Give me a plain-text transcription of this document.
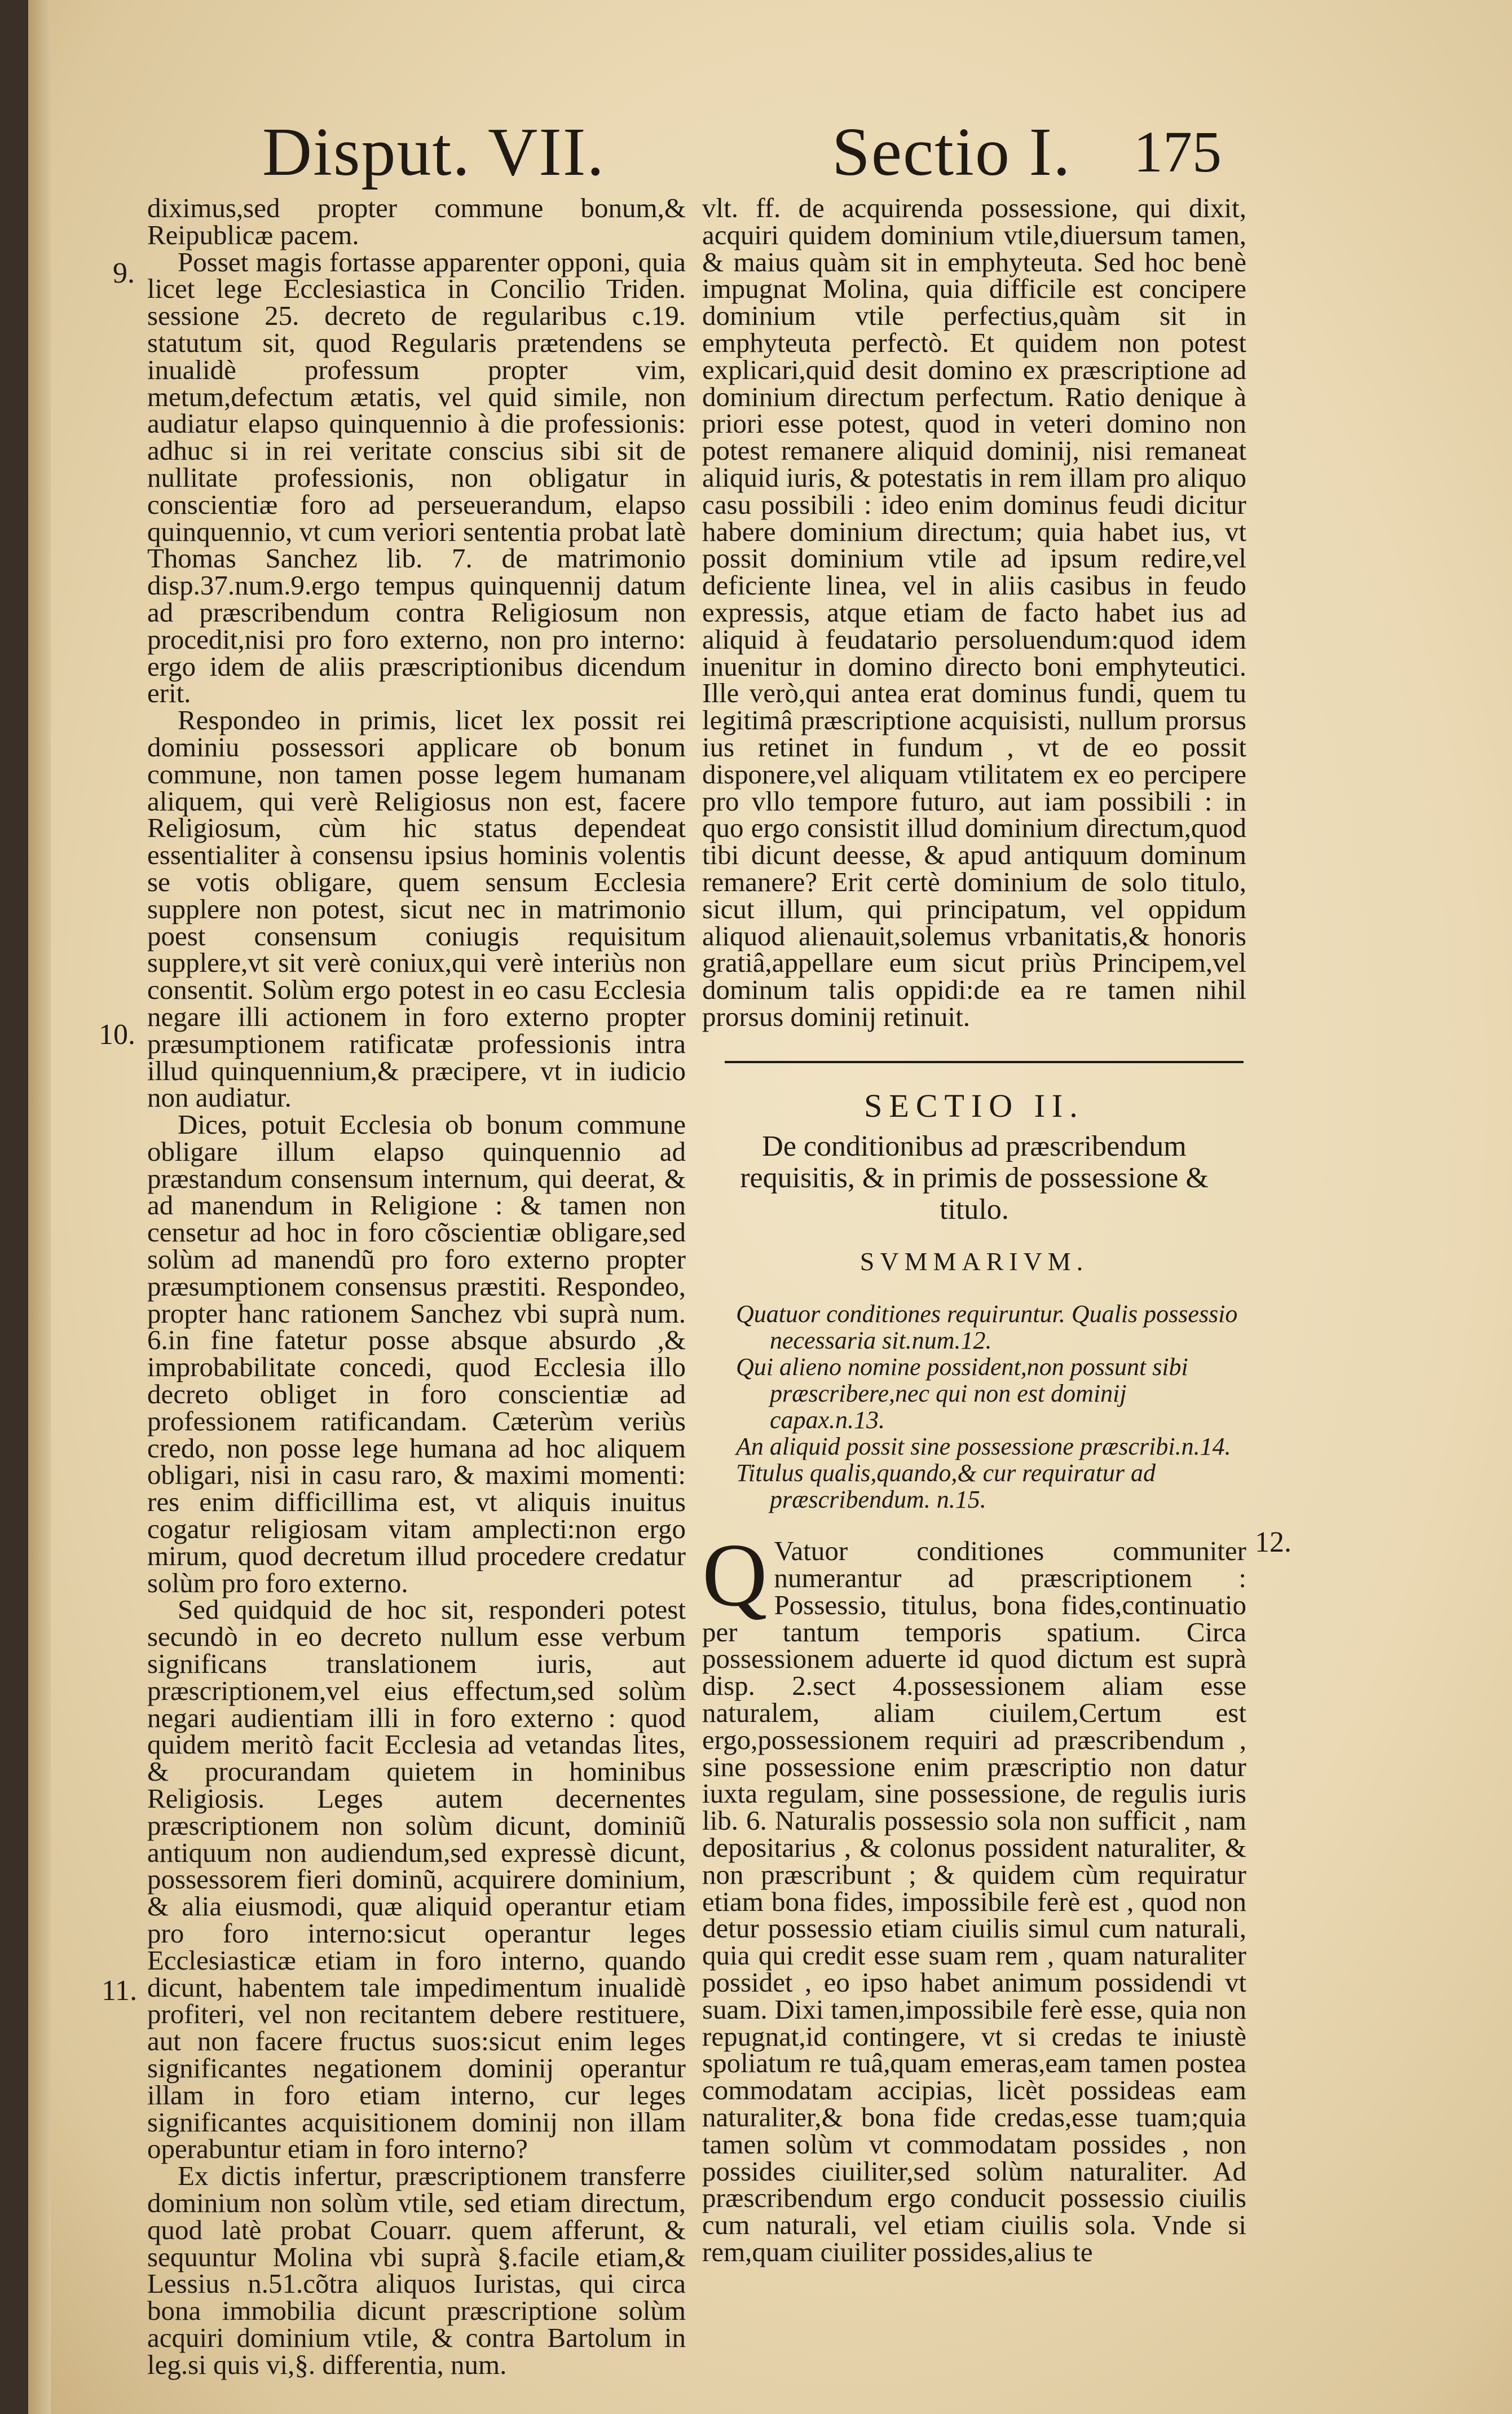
Disput. VII.	Sectio I. 175
9.
10.
11.
12.

diximus,sed propter commune bonum,& Reipublicæ pacem.

Posset magis fortasse apparenter opponi, quia licet lege Ecclesiastica in Concilio Triden. sessione 25. decreto de regularibus c.19. statutum sit, quod Regularis prætendens se inualidè professum propter vim, metum,defectum ætatis, vel quid simile, non audiatur elapso quinquennio à die professionis: adhuc si in rei veritate conscius sibi sit de nullitate professionis, non obligatur in conscientiæ foro ad perseuerandum, elapso quinquennio, vt cum veriori sententia probat latè Thomas Sanchez lib. 7. de matrimonio disp.37.num.9.ergo tempus quinquennij datum ad præscribendum contra Religiosum non procedit,nisi pro foro externo, non pro interno: ergo idem de aliis præscriptionibus dicendum erit.

Respondeo in primis, licet lex possit rei dominiu possessori applicare ob bonum commune, non tamen posse legem humanam aliquem, qui verè Religiosus non est, facere Religiosum, cùm hic status dependeat essentialiter à consensu ipsius hominis volentis se votis obligare, quem sensum Ecclesia supplere non potest, sicut nec in matrimonio poest consensum coniugis requisitum supplere,vt sit verè coniux,qui verè interiùs non consentit. Solùm ergo potest in eo casu Ecclesia negare illi actionem in foro externo propter præsumptionem ratificatæ professionis intra illud quinquennium,& præcipere, vt in iudicio non audiatur.

Dices, potuit Ecclesia ob bonum commune obligare illum elapso quinquennio ad præstandum consensum internum, qui deerat, & ad manendum in Religione : & tamen non censetur ad hoc in foro cõscientiæ obligare,sed solùm ad manendũ pro foro externo propter præsumptionem consensus præstiti. Respondeo, propter hanc rationem Sanchez vbi suprà num. 6.in fine fatetur posse absque absurdo ,& improbabilitate concedi, quod Ecclesia illo decreto obliget in foro conscientiæ ad professionem ratificandam. Cæterùm veriùs credo, non posse lege humana ad hoc aliquem obligari, nisi in casu raro, & maximi momenti: res enim difficillima est, vt aliquis inuitus cogatur religiosam vitam amplecti:non ergo mirum, quod decretum illud procedere credatur solùm pro foro externo.

Sed quidquid de hoc sit, responderi potest secundò in eo decreto nullum esse verbum significans translationem iuris, aut præscriptionem,vel eius effectum,sed solùm negari audientiam illi in foro externo : quod quidem meritò facit Ecclesia ad vetandas lites, & procurandam quietem in hominibus Religiosis. Leges autem decernentes præscriptionem non solùm dicunt, dominiũ antiquum non audiendum,sed expressè dicunt, possessorem fieri dominũ, acquirere dominium, & alia eiusmodi, quæ aliquid operantur etiam pro foro interno:sicut operantur leges Ecclesiasticæ etiam in foro interno, quando dicunt, habentem tale impedimentum inualidè profiteri, vel non recitantem debere restituere, aut non facere fructus suos:sicut enim leges significantes negationem dominij operantur illam in foro etiam interno, cur leges significantes acquisitionem dominij non illam operabuntur etiam in foro interno?

Ex dictis infertur, præscriptionem transferre dominium non solùm vtile, sed etiam directum, quod latè probat Couarr. quem afferunt, & sequuntur Molina vbi suprà §.facile etiam,& Lessius n.51.cõtra aliquos Iuristas, qui circa bona immobilia dicunt præscriptione solùm acquiri dominium vtile, & contra Bartolum in leg.si quis vi,§. differentia, num.

vlt. ff. de acquirenda possessione, qui dixit, acquiri quidem dominium vtile,diuersum tamen, & maius quàm sit in emphyteuta. Sed hoc benè impugnat Molina, quia difficile est concipere dominium vtile perfectius,quàm sit in emphyteuta perfectò. Et quidem non potest explicari,quid desit domino ex præscriptione ad dominium directum perfectum. Ratio denique à priori esse potest, quod in veteri domino non potest remanere aliquid dominij, nisi remaneat aliquid iuris, & potestatis in rem illam pro aliquo casu possibili : ideo enim dominus feudi dicitur habere dominium directum; quia habet ius, vt possit dominium vtile ad ipsum redire,vel deficiente linea, vel in aliis casibus in feudo expressis, atque etiam de facto habet ius ad aliquid à feudatario persoluendum:quod idem inuenitur in domino directo boni emphyteutici. Ille verò,qui antea erat dominus fundi, quem tu legitimâ præscriptione acquisisti, nullum prorsus ius retinet in fundum , vt de eo possit disponere,vel aliquam vtilitatem ex eo percipere pro vllo tempore futuro, aut iam possibili : in quo ergo consistit illud dominium directum,quod tibi dicunt deesse, & apud antiquum dominum remanere? Erit certè dominium de solo titulo, sicut illum, qui principatum, vel oppidum aliquod alienauit,solemus vrbanitatis,& honoris gratiâ,appellare eum sicut priùs Principem,vel dominum talis oppidi:de ea re tamen nihil prorsus dominij retinuit.

SECTIO II.
De conditionibus ad præscribendum requisitis, & in primis de possessione & titulo.
SVMMARIVM.
Quatuor conditiones requiruntur. Qualis possessio necessaria sit.num.12.
Qui alieno nomine possident,non possunt sibi præscribere,nec qui non est dominij capax.n.13.
An aliquid possit sine possessione præscribi.n.14.
Titulus qualis,quando,& cur requiratur ad præscribendum. n.15.

Q Vatuor conditiones communiter numerantur ad præscriptionem : Possessio, titulus, bona fides,continuatio per tantum temporis spatium. Circa possessionem aduerte id quod dictum est suprà disp. 2.sect 4.possessionem aliam esse naturalem, aliam ciuilem,Certum est ergo,possessionem requiri ad præscribendum , sine possessione enim præscriptio non datur iuxta regulam, sine possessione, de regulis iuris lib. 6. Naturalis possessio sola non sufficit , nam depositarius , & colonus possident naturaliter, & non præscribunt ; & quidem cùm requiratur etiam bona fides, impossibile ferè est , quod non detur possessio etiam ciuilis simul cum naturali, quia qui credit esse suam rem , quam naturaliter possidet , eo ipso habet animum possidendi vt suam. Dixi tamen,impossibile ferè esse, quia non repugnat,id contingere, vt si credas te iniustè spoliatum re tuâ,quam emeras,eam tamen postea commodatam accipias, licèt possideas eam naturaliter,& bona fide credas,esse tuam;quia tamen solùm vt commodatam possides , non possides ciuiliter,sed solùm naturaliter. Ad præscribendum ergo conducit possessio ciuilis cum naturali, vel etiam ciuilis sola. Vnde si rem,quam ciuiliter possides,alius te
